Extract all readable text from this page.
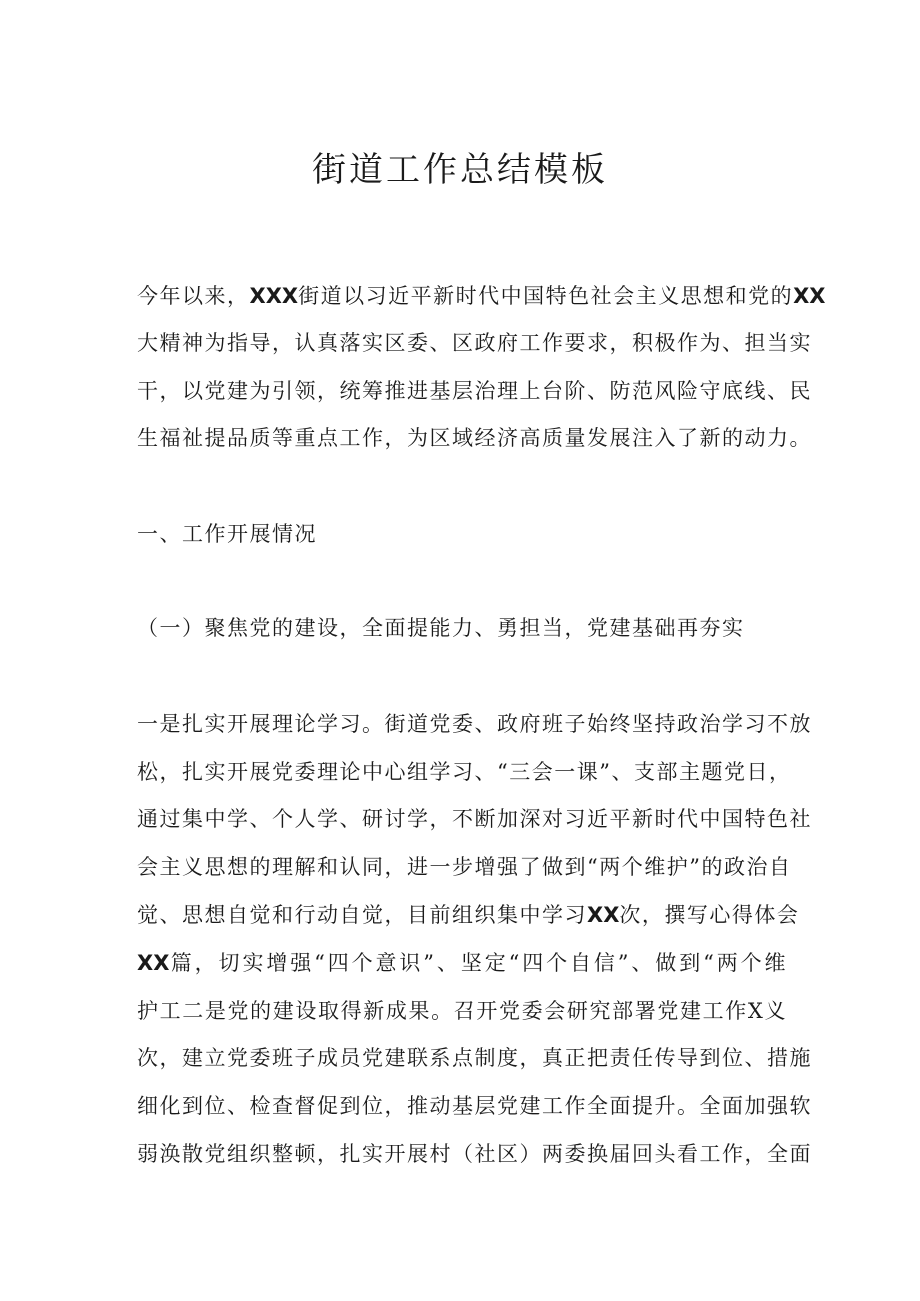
街道工作总结模板
今年以来，XXX街道以习近平新时代中国特色社会主义思想和党的XX
大精神为指导，认真落实区委、区政府工作要求，积极作为、担当实
干，以党建为引领，统筹推进基层治理上台阶、防范风险守底线、民
生福祉提品质等重点工作，为区域经济高质量发展注入了新的动力。
一、工作开展情况
（一）聚焦党的建设，全面提能力、勇担当，党建基础再夯实
一是扎实开展理论学习。街道党委、政府班子始终坚持政治学习不放
松，扎实开展党委理论中心组学习、“三会一课”、支部主题党日，
通过集中学、个人学、研讨学，不断加深对习近平新时代中国特色社
会主义思想的理解和认同，进一步增强了做到“两个维护”的政治自
觉、思想自觉和行动自觉，目前组织集中学习XX次，撰写心得体会
XX篇，切实增强“四个意识”、坚定“四个自信”、做到“两个维
护工二是党的建设取得新成果。召开党委会研究部署党建工作X义
次，建立党委班子成员党建联系点制度，真正把责任传导到位、措施
细化到位、检查督促到位，推动基层党建工作全面提升。全面加强软
弱涣散党组织整顿，扎实开展村（社区）两委换届回头看工作，全面
